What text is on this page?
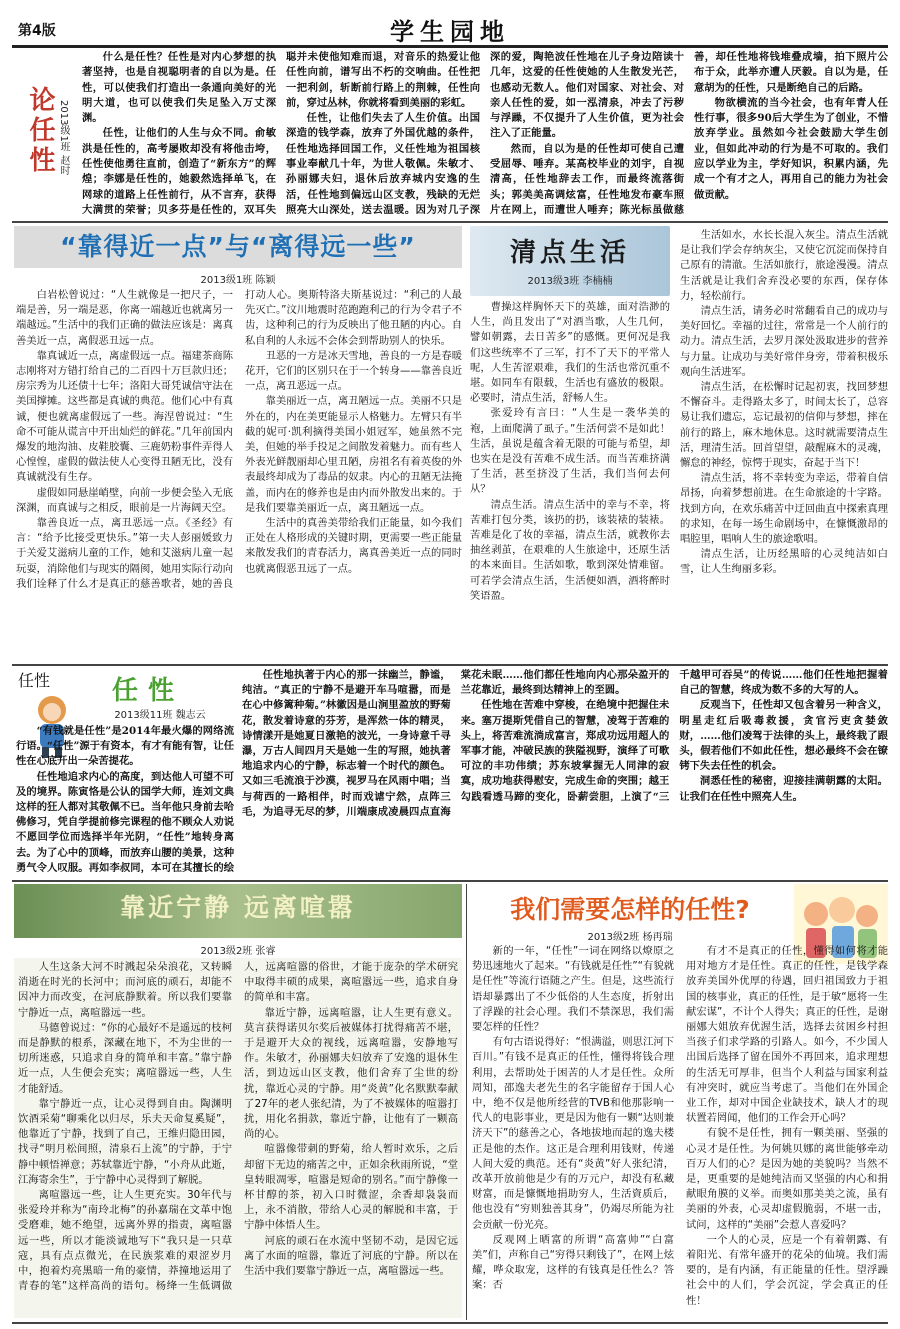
第4版	学生园地
论任性 2013级1班 赵时

什么是任性？任性是对内心梦想的执著坚持，也是自视聪明者的自以为是。任性，可以使我们打造出一条通向美好的光明大道，也可以使我们失足坠入万丈深渊。

任性，让他们的人生与众不同。俞敏洪是任性的，高考屡败却没有将他击垮，任性使他勇往直前，创造了“新东方”的辉煌；李娜是任性的，她毅然选择单飞，在网球的道路上任性前行，从不言弃，获得大满贯的荣誉；贝多芬是任性的，双耳失聪并未使他知难而退，对音乐的热爱让他任性向前，谱写出不朽的交响曲。任性把一把利剑，斩断前行路上的荆棘，任性向前，穿过丛林，你就将看到美丽的彩虹。

任性，让他们失去了人生价值。出国深造的钱学森，放弃了外国优越的条件，任性地选择回国工作，义任性地为祖国核事业奉献几十年，为世人敬佩。朱敏才、孙丽娜夫妇，退休后放弃城内安逸的生活，任性地到偏远山区支教，残缺的无烂照亮大山深处，送去温暖。因为对几子深深的爱，陶艳波任性地在儿子身边陪读十几年，这爱的任性使她的人生散发光芒，也感动无数人。他们对国家、对社会、对亲人任性的爱，如一泓清泉，冲去了污秽与浮躁，不仅提升了人生价值，更为社会注入了正能量。

然而，自以为是的任性却可使自己遭受屈辱、唾弃。某高校毕业的刘宇，自视清高，任性地辞去工作，而最终流落街头；郭美美高调炫富，任性地发布豪车照片在网上，而遭世人唾弃；陈光标虽做慈善，却任性地将钱堆叠成墙，拍下照片公布于众，此举亦遭人厌毅。自以为是，任意胡为的任性，只是断绝自己的后路。

物欲横流的当今社会，也有年青人任性行事，很多90后大学生为了创业，不惜放弃学业。虽然如今社会鼓励大学生创业，但如此冲动的行为是不可取的。我们应以学业为主，学好知识，积累内涵，先成一个有才之人，再用自己的能力为社会做贡献。

“靠得近一点”与“离得远一些”
2013级1班 陈颖

白岩松曾说过：“人生就像是一把尺子，一端是善，另一端是恶，你离一端越近也就离另一端越远。”生活中的我们正确的做法应该是：离真善美近一点，离假恶丑远一点。

靠真诚近一点，离虚假远一点。福建茶商陈志刚将对方错打给自己的二百四十万巨款归还；房宗秀为儿还债十七年；洛阳大哥凭诚信守法在美国撑摊。这些都是真诚的典范。他们心中有真诚，便也就离虚假远了一些。海涅曾说过：“生命不可能从谎言中开出灿烂的鲜花。”几年前国内爆发的地沟油、皮鞋胶囊、三鹿奶粉事件弄得人心惶惶，虚假的做法使人心变得丑陋无比，没有真诚就没有生存。

虚假如同悬崖峭壁，向前一步便会坠入无底深渊，而真诚与之相反，眼前是一片海阔天空。

靠善良近一点，离丑恶远一点。《圣经》有言：“给予比接受更快乐。”第一夫人彭丽媛致力于关爱艾滋病儿童的工作，她和艾滋病儿童一起玩耍，消除他们与现实的隔阂，她用实际行动向我们诠释了什么才是真正的慈善歌者，她的善良打动人心。奥斯特洛夫斯基说过：“利己的人最先灭亡。”汶川地震时范跑跑利己的行为令君子不齿，这种利己的行为反映出了他丑陋的内心。自私自利的人永远不会体会到帮助别人的快乐。

丑恶的一方是冰天雪地，善良的一方是春暖花开，它们的区别只在于一个转身——靠善良近一点，离丑恶远一点。

靠美丽近一点，离丑陋远一点。美丽不只是外在的，内在美更能显示人格魅力。左臂只有半截的妮可·凯利摘得美国小姐冠军，她虽然不完美，但她的举手投足之间散发着魅力。而有些人外表光鲜靓丽却心里丑陋，房祖名有着英俊的外表最终却成为了毒品的奴隶。内心的丑陋无法掩盖，而内在的修养也是由内而外散发出来的。于是我们要靠美丽近一点，离丑陋远一点。

生活中的真善美带给我们正能量，如今我们正处在人格形成的关键时期，更需要一些正能量来散发我们的青春活力，离真善美近一点的同时也就离假恶丑远了一点。

清点生活
2013级3班 李楠楠

曹操这样胸怀天下的英雄，面对浩渺的人生，尚且发出了“对酒当歌，人生几何，譬如朝露，去日苦多”的感慨。更何况是我们这些统率不了三军，打不了天下的平常人呢，人生苦涩艰难，我们的生活也常沉重不堪。如同车有限载，生活也有盛放的极限。必要时，清点生活，舒畅人生。

张爱玲有言曰：“人生是一袭华美的袍，上面爬满了虱子。”生活何尝不是如此！生活，虽说是蕴含着无限的可能与希望，却也实在是没有苦难不成生活。而当苦难挤满了生活，甚至挤没了生活，我们当何去何从？

清点生活。清点生活中的幸与不幸，将苦难打包分类，该扔的扔，该装裱的装裱。苦难是化了妆的幸福，清点生活，就教你去抽丝剥茧，在艰难的人生旅途中，还原生活的本来面目。生活如歌，歌到深处情难留。可若学会清点生活，生活便如酒，酒将醉时笑语盈。

生活如水，水长长混入灰尘。清点生活就是让我们学会存纳灰尘，又使它沉淀而保持自己原有的清澈。生活如旅行，旅途漫漫。清点生活就是让我们舍弃没必要的东西，保存体力，轻松前行。

清点生活，请务必时常翻看自己的成功与美好回忆。幸福的过往，常常是一个人前行的动力。清点生活，去罗月深处汲取进步的营养与力量。让成功与美好常伴身旁，带着积极乐观向生活进军。

清点生活，在松懈时记起初衷，找回梦想不懈奋斗。走得路太多了，时间太长了，总容易让我们遗忘，忘记最初的信仰与梦想，摔在前行的路上，麻木地休息。这时就需要清点生活，理清生活。回首望望，敲醒麻木的灵魂，懈怠的神经，惊愕于现实，奋起于当下！

清点生活，将不幸转变为幸运，带着自信昂扬，向着梦想前进。在生命旅途的十字路。找到方向，在欢乐痛苦中迂回曲直中探索真理的求知，在每一场生命剧场中，在慷慨激昂的唱腔里，唱响人生的旅途歌唱。

清点生活，让历经黑暗的心灵纯洁如白雪，让人生绚丽多彩。

任性 任性
2013级11班 魏志云

“有钱就是任性”是2014年最火爆的网络流行语。“任性”源于有资本，有才有能有智，让任性在心底开出一朵苦提花。

任性地追求内心的高度，到达他人可望不可及的境界。陈寅恪是公认的国学大师，连刘文典这样的狂人都对其敬佩不已。当年他只身前去哈佛修习，凭自学提前修完课程的他不顾众人劝说不愿回学位而选择半年光阴，“任性”地转身离去。为了心中的顶峰，而放弃山腰的美景，这种勇气令人叹服。再如李叔同，本可在其擅长的绘

任性地执著于内心的那一抹幽兰，静谧，纯洁。“真正的宁静不是避开车马喧嚣，而是在心中修篱种菊。”林徽因是山涧里盈放的野菊花，散发着诗意的芬芳，是浑然一体的精灵，诗情漾开是她夏日激艳的波光，一身诗意千寻瀑，万古人间四月天是她一生的写照，她执著地追求内心的宁静，标志着一个时代的颜色。又如三毛流浪于沙漠，视罗马在风雨中唱；当与荷西的一路相伴，时而戏谑宁然，点阵三毛，为追寻无尽的梦，川端康成凌晨四点直海棠花未眠……他们都任性地向内心那朵盈开的兰花靠近，最终到达精神上的至圆。

任性地在苦难中穿梭，在绝境中把握住未来。塞万提斯凭借自己的智慧，凌驾于苦难的头上，将苦难流淌成富言，郑成功远用超人的军事才能，冲破民族的狭隘视野，演绎了可歌可泣的丰功伟绩；苏东坡掌握无人同津的寂寞，成功地获得慰安，完成生命的突围；越王勾践看透马蹄的变化，卧薪尝胆，上演了“三千越甲可吞吴”的传说……他们任性地把握着自己的智慧，终成为数不多的大写的人。

反观当下，任性却又包含着另一种含义，明星走红后吸毒救援，贪官污吏贪婪敛财，……他们凌驾于法律的头上，最终栽了跟头，假若他们不如此任性，想必最终不会在镣铐下失去任性的机会。

洞悉任性的秘密，迎接挂满朝露的太阳。让我们在任性中照亮人生。

靠近宁静 远离喧嚣
2013级2班 张睿

人生这条大河不时溅起朵朵浪花，又转瞬消逝在时光的长河中；而河底的顽石，却能不因冲力而改变，在河底静默着。所以我们要靠宁静近一点，离喧嚣远一些。

马德曾说过：“你的心最好不是遥远的枝柯而是静默的根系，深藏在地下，不为尘世的一切所迷惑，只追求自身的简单和丰富。”靠宁静近一点，人生便会充实；离喧嚣远一些，人生才能舒适。

靠宁静近一点，让心灵得到自由。陶渊明饮酒采菊“聊乘化以归尽，乐夫天命复奚疑”，他靠近了宁静，找到了自己，王维归隐田园，找寻“明月松间照，清泉石上流”的宁静，于宁静中顿悟禅意；苏轼靠近宁静，“小舟从此逝，江海寄余生”，于宁静中心灵得到了解脱。

离喧嚣远一些，让人生更充实。30年代与张爱玲并称为“南玲北梅”的孙嘉瑞在文革中饱受磨难，她不绝望，远离外界的指责，离喧嚣远一些，所以才能淡诚地写下“我只是一只草寇，具有点点微光，在民族浆难的艰涩岁月中，抱着灼亮黑暗一角的豪情，莽撞地运用了青春的笔”这样高尚的语句。杨绛一生低调做人，远离喧嚣的俗世，才能于庞杂的学术研究中取得丰硕的成果，离喧嚣远一些，追求自身的简单和丰富。

靠近宁静，远离喧嚣，让人生更有意义。莫言获得诺贝尔奖后被媒体打扰得痛苦不堪，于是避开大众的视线，远离喧嚣，安静地写作。朱敏才，孙丽娜夫妇放弃了安逸的退休生活，到边远山区支教，他们舍弃了尘世的纷扰，靠近心灵的宁静。用“炎黄”化名默默奉献了27年的老人张纪清，为了不被媒体的喧嚣打扰，用化名捐款，靠近宁静，让他有了一颗高尚的心。

喧嚣像带刺的野菊，给人暂时欢乐，之后却留下无边的痛苦之中，正如余秋雨所说，“堂皇转眼凋零，喧嚣是短命的别名。”而宁静像一杯甘醇的茶，初入口时微涩，余香却袅袅而上，永不消散，带给人心灵的解脱和丰富，于宁静中体悟人生。

河底的顽石在水流中坚韧不动，是因它远离了水面的喧嚣，靠近了河底的宁静。所以在生活中我们要靠宁静近一点，离喧嚣远一些。

我们需要怎样的任性?
2013级2班 杨再瑞

新的一年，“任性”一词在网络以燎原之势迅速地火了起来。“有钱就是任性”“有貌就是任性”等流行语随之产生。但是，这些流行语却暴露出了不少低俗的人生态度，折射出了浮躁的社会心理。我们不禁深思，我们需要怎样的任性？

有句古语说得好：“恨满溢，则思江河下百川。”有钱不是真正的任性，懂得将钱合理利用，去帮助处于困苦的人才是任性。众所周知，邵逸夫老先生的名字能留存于国人心中，绝不仅是他所经营的TVB和他那影响一代人的电影事业，更是因为他有一颗“达则兼济天下”的慈善之心，各地拔地而起的逸夫楼正是他的杰作。这正是合理利用钱财，传递人间大爱的典范。还有“炎黄”好人张纪清，改革开放前他是少有的万元户，却没有私藏财富，而是慷慨地捐助穷人，生活資质后，他也没有“穷则独善其身”，仍竭尽所能为社会贡献一份光亮。

反观网上晒富的所谓“高富帅”“白富美”们，声称自己“穷得只剩钱了”，在网上炫耀，哗众取宠，这样的有钱真是任性么？答案：否

有才不是真正的任性，懂得如何将才能用对地方才是任性。真正的任性，是钱学森放弃美国外优厚的待遇，回归祖国致力于祖国的核事业，真正的任性，是于敏“愿将一生献宏谋”，不计个人得失；真正的任性，是谢丽娜大姐放弃优渥生活，选择去贫困乡村担当孩子们求学路的引路人。如今，不少国人出国后选择了留在国外不再回来，追求理想的生活无可厚非，但当个人利益与国家利益有冲突时，就应当考虑了。当他们在外国企业工作，却对中国企业缺技术，缺人才的现状置若罔闻，他们的工作会开心吗？

有貌不是任性，拥有一颗美丽、坚强的心灵才是任性。为何姚贝娜的离世能够牵动百万人们的心？是因为她的美貌吗？当然不是，更重要的是她纯洁而又坚强的内心和捐献眼角膜的义举。而奥如那美美之流，虽有美丽的外表，心灵却虚假脆弱，不堪一击，试问，这样的“美丽”会惹人喜爱吗？

一个人的心灵，应是一个有着朝露、有着阳光、有常年盛开的花朵的仙境。我们需要的，是有内涵，有正能量的任性。望浮躁社会中的人们，学会沉淀，学会真正的任性！
